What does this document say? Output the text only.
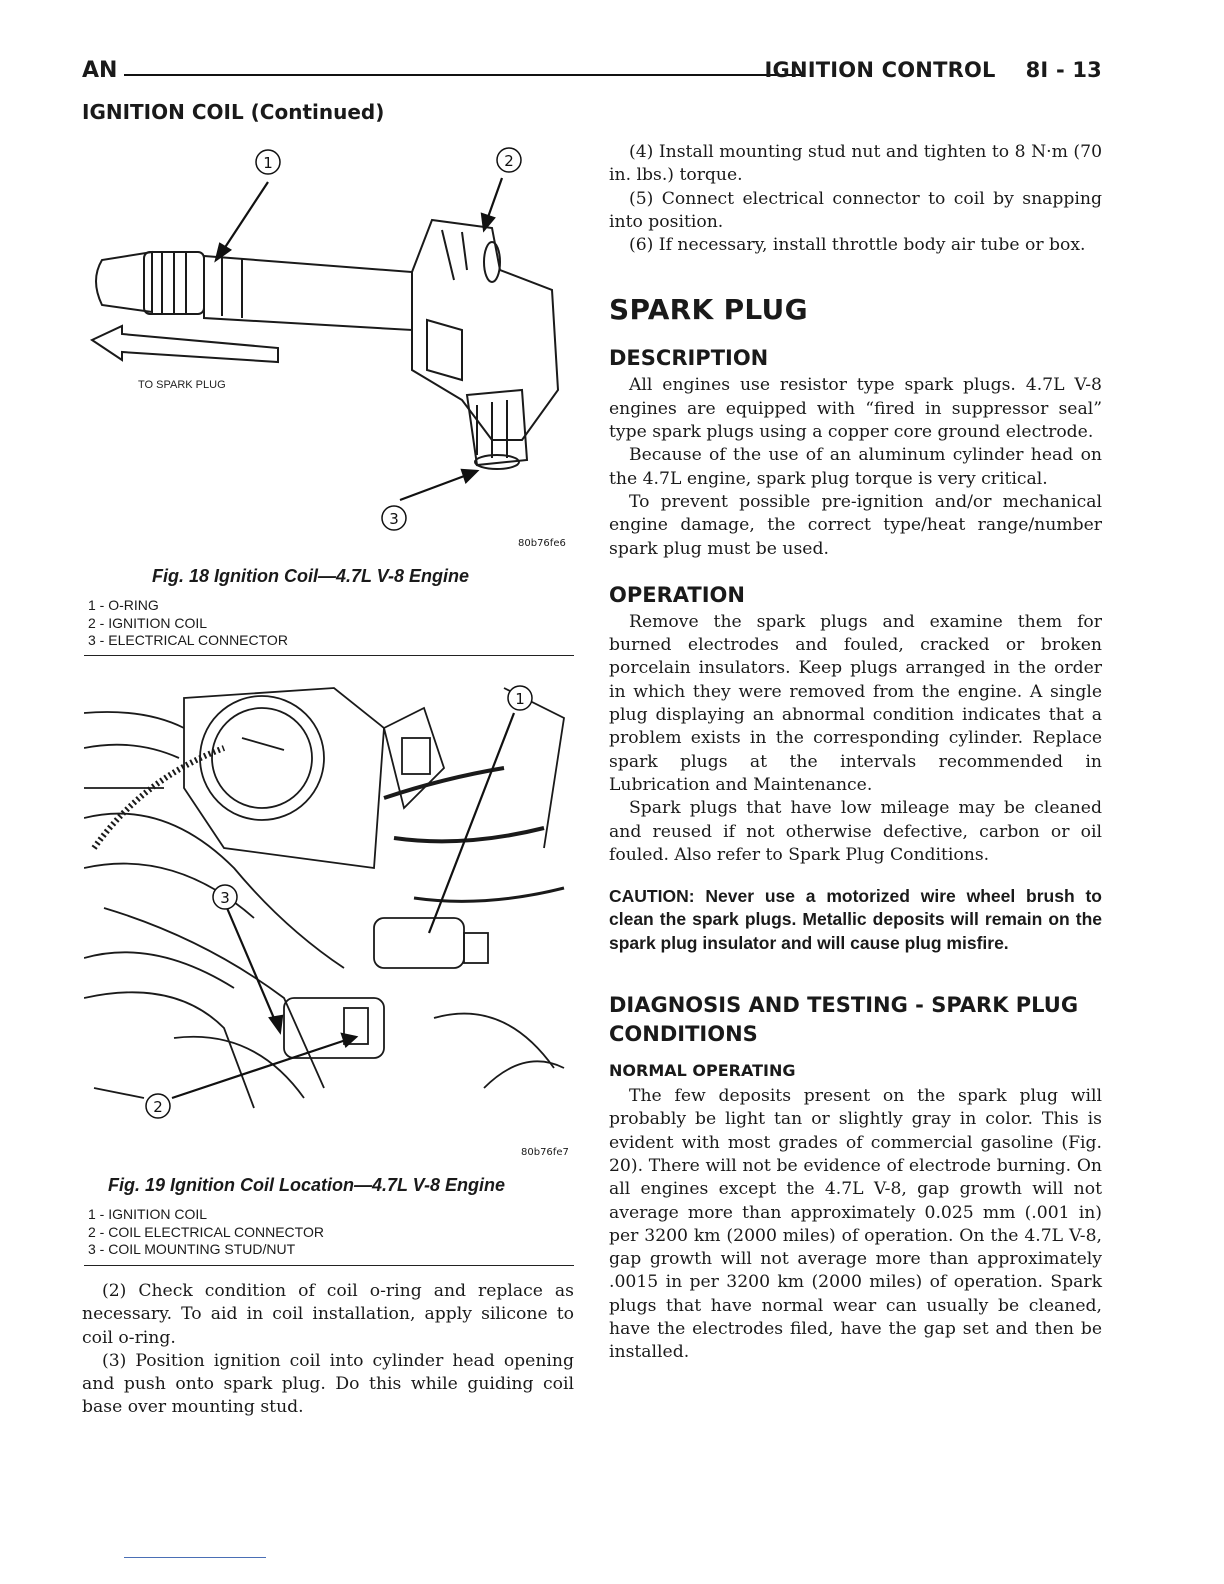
AN	IGNITION CONTROL 8I - 13
IGNITION COIL (Continued)
1	2
3
TO SPARK PLUG
80b76fe6
Fig. 18 Ignition Coil—4.7L V-8 Engine
1 - O-RING
2 - IGNITION COIL
3 - ELECTRICAL CONNECTOR
1
2
3
80b76fe7
Fig. 19 Ignition Coil Location—4.7L V-8 Engine
1 - IGNITION COIL
2 - COIL ELECTRICAL CONNECTOR
3 - COIL MOUNTING STUD/NUT

(2) Check condition of coil o-ring and replace as necessary. To aid in coil installation, apply silicone to coil o-ring.

(3) Position ignition coil into cylinder head opening and push onto spark plug. Do this while guiding coil base over mounting stud.

(4) Install mounting stud nut and tighten to 8 N·m (70 in. lbs.) torque.

(5) Connect electrical connector to coil by snapping into position.

(6) If necessary, install throttle body air tube or box.

SPARK PLUG
DESCRIPTION

All engines use resistor type spark plugs. 4.7L V-8 engines are equipped with “fired in suppressor seal” type spark plugs using a copper core ground electrode.

Because of the use of an aluminum cylinder head on the 4.7L engine, spark plug torque is very critical.

To prevent possible pre-ignition and/or mechanical engine damage, the correct type/heat range/number spark plug must be used.

OPERATION

Remove the spark plugs and examine them for burned electrodes and fouled, cracked or broken porcelain insulators. Keep plugs arranged in the order in which they were removed from the engine. A single plug displaying an abnormal condition indicates that a problem exists in the corresponding cylinder. Replace spark plugs at the intervals recommended in Lubrication and Maintenance.

Spark plugs that have low mileage may be cleaned and reused if not otherwise defective, carbon or oil fouled. Also refer to Spark Plug Conditions.

CAUTION: Never use a motorized wire wheel brush to clean the spark plugs. Metallic deposits will remain on the spark plug insulator and will cause plug misfire.

DIAGNOSIS AND TESTING - SPARK PLUG CONDITIONS
NORMAL OPERATING

The few deposits present on the spark plug will probably be light tan or slightly gray in color. This is evident with most grades of commercial gasoline (Fig. 20). There will not be evidence of electrode burning. On all engines except the 4.7L V-8, gap growth will not average more than approximately 0.025 mm (.001 in) per 3200 km (2000 miles) of operation. On the 4.7L V-8, gap growth will not average more than approximately .0015 in per 3200 km (2000 miles) of operation. Spark plugs that have normal wear can usually be cleaned, have the electrodes filed, have the gap set and then be installed.
